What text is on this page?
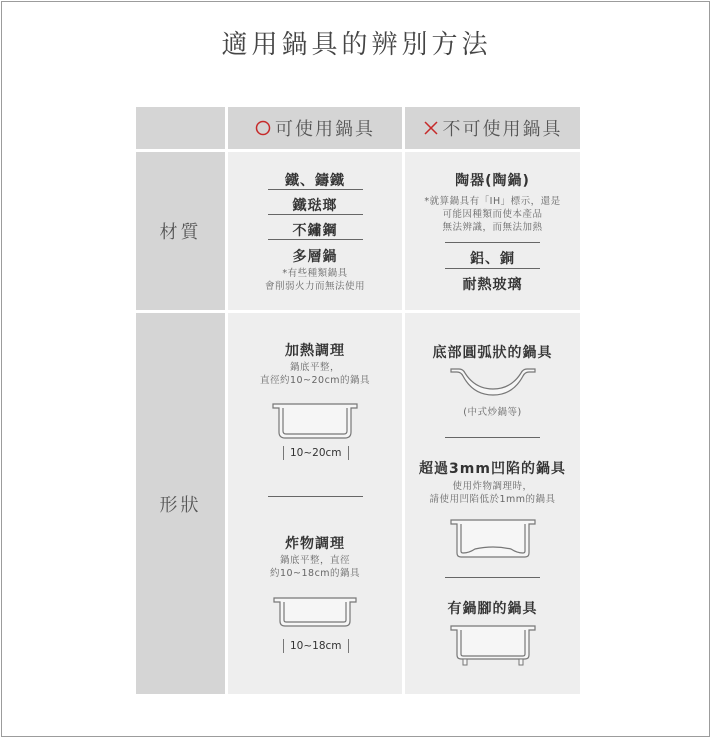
適用鍋具的辨別方法
可使用鍋具	不可使用鍋具
材質
鐵、鑄鐵
鐵琺瑯
不鏽鋼
多層鍋
*有些種類鍋具
會削弱火力而無法使用
陶器(陶鍋)
*就算鍋具有「IH」標示，還是
可能因種類而使本產品
無法辨識，而無法加熱
鋁、銅
耐熱玻璃
形狀
加熱調理
鍋底平整，
直徑約10~20cm的鍋具
10~20cm
炸物調理
鍋底平整，直徑
約10~18cm的鍋具
10~18cm
底部圓弧狀的鍋具
(中式炒鍋等)
超過3mm凹陷的鍋具
使用炸物調理時，
請使用凹陷低於1mm的鍋具
有鍋腳的鍋具
